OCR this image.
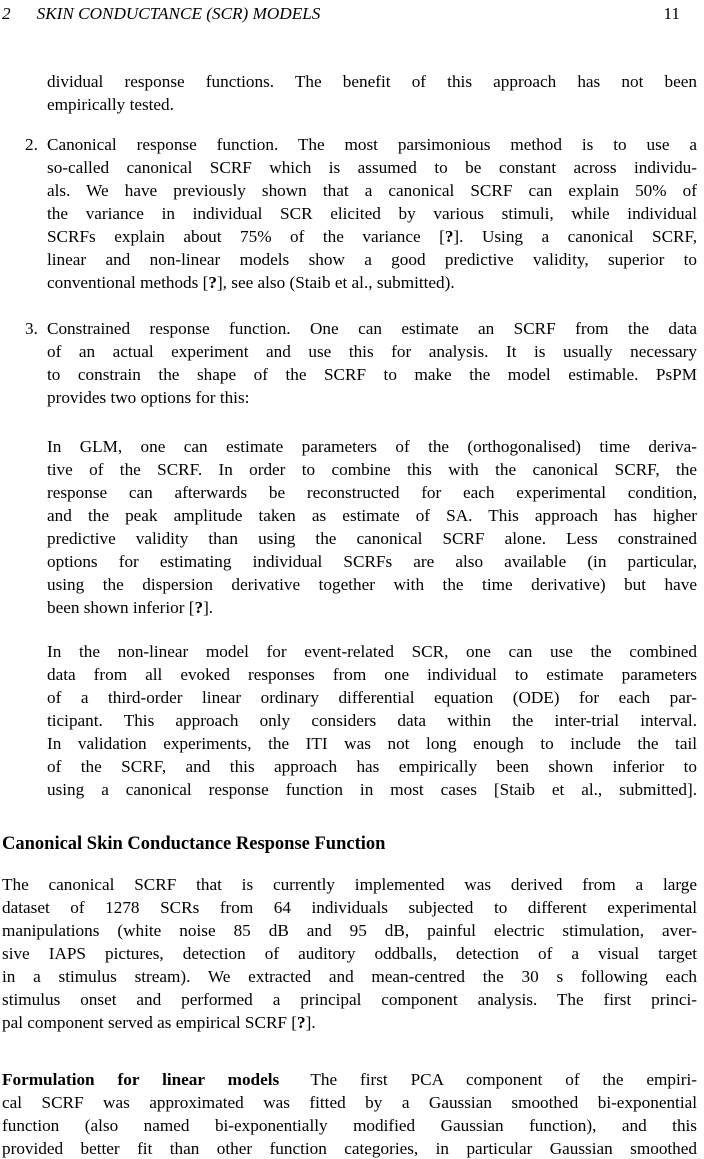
2 SKIN CONDUCTANCE (SCR) MODELS	11
dividual response functions. The benefit of this approach has not been
empirically tested.
2. Canonical response function. The most parsimonious method is to use a
so-called canonical SCRF which is assumed to be constant across individu-
als. We have previously shown that a canonical SCRF can explain 50% of
the variance in individual SCR elicited by various stimuli, while individual
SCRFs explain about 75% of the variance [?]. Using a canonical SCRF,
linear and non-linear models show a good predictive validity, superior to
conventional methods [?], see also (Staib et al., submitted).
3. Constrained response function. One can estimate an SCRF from the data
of an actual experiment and use this for analysis. It is usually necessary
to constrain the shape of the SCRF to make the model estimable. PsPM
provides two options for this:
In GLM, one can estimate parameters of the (orthogonalised) time deriva-
tive of the SCRF. In order to combine this with the canonical SCRF, the
response can afterwards be reconstructed for each experimental condition,
and the peak amplitude taken as estimate of SA. This approach has higher
predictive validity than using the canonical SCRF alone. Less constrained
options for estimating individual SCRFs are also available (in particular,
using the dispersion derivative together with the time derivative) but have
been shown inferior [?].
In the non-linear model for event-related SCR, one can use the combined
data from all evoked responses from one individual to estimate parameters
of a third-order linear ordinary differential equation (ODE) for each par-
ticipant. This approach only considers data within the inter-trial interval.
In validation experiments, the ITI was not long enough to include the tail
of the SCRF, and this approach has empirically been shown inferior to
using a canonical response function in most cases [Staib et al., submitted].
Canonical Skin Conductance Response Function
The canonical SCRF that is currently implemented was derived from a large
dataset of 1278 SCRs from 64 individuals subjected to different experimental
manipulations (white noise 85 dB and 95 dB, painful electric stimulation, aver-
sive IAPS pictures, detection of auditory oddballs, detection of a visual target
in a stimulus stream). We extracted and mean-centred the 30 s following each
stimulus onset and performed a principal component analysis. The first princi-
pal component served as empirical SCRF [?].
Formulation for linear models  The first PCA component of the empiri-
cal SCRF was approximated was fitted by a Gaussian smoothed bi-exponential
function (also named bi-exponentially modified Gaussian function), and this
provided better fit than other function categories, in particular Gaussian smoothed
